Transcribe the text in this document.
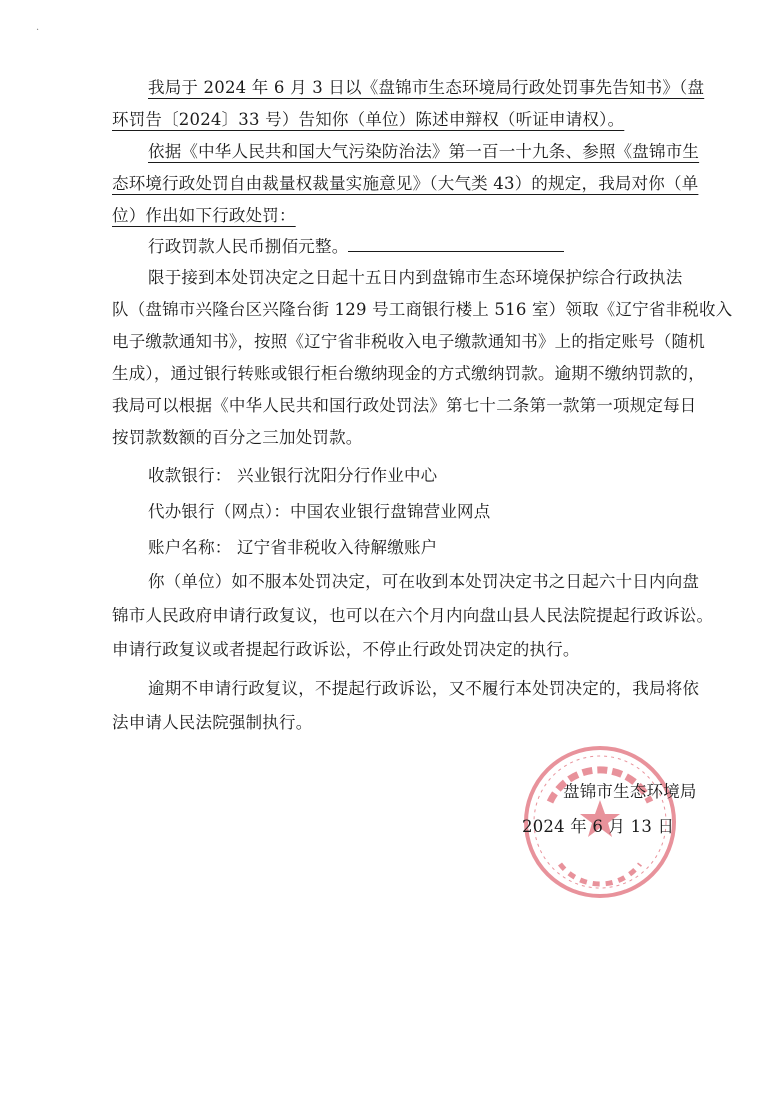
·
我局于 2024 年 6 月 3 日以《盘锦市生态环境局行政处罚事先告知书》（盘
环罚告〔2024〕33 号）告知你（单位）陈述申辩权（听证申请权）。
依据《中华人民共和国大气污染防治法》第一百一十九条、参照《盘锦市生
态环境行政处罚自由裁量权裁量实施意见》（大气类 43）的规定，我局对你（单
位）作出如下行政处罚：
行政罚款人民币捌佰元整。
限于接到本处罚决定之日起十五日内到盘锦市生态环境保护综合行政执法
队（盘锦市兴隆台区兴隆台街 129 号工商银行楼上 516 室）领取《辽宁省非税收入
电子缴款通知书》，按照《辽宁省非税收入电子缴款通知书》上的指定账号（随机
生成），通过银行转账或银行柜台缴纳现金的方式缴纳罚款。逾期不缴纳罚款的，
我局可以根据《中华人民共和国行政处罚法》第七十二条第一款第一项规定每日
按罚款数额的百分之三加处罚款。
收款银行： 兴业银行沈阳分行作业中心
代办银行（网点）：中国农业银行盘锦营业网点
账户名称： 辽宁省非税收入待解缴账户
你（单位）如不服本处罚决定，可在收到本处罚决定书之日起六十日内向盘
锦市人民政府申请行政复议，也可以在六个月内向盘山县人民法院提起行政诉讼。
申请行政复议或者提起行政诉讼，不停止行政处罚决定的执行。
逾期不申请行政复议，不提起行政诉讼，又不履行本处罚决定的，我局将依
法申请人民法院强制执行。
盘锦市生态环境局
2024 年 6 月 13 日
